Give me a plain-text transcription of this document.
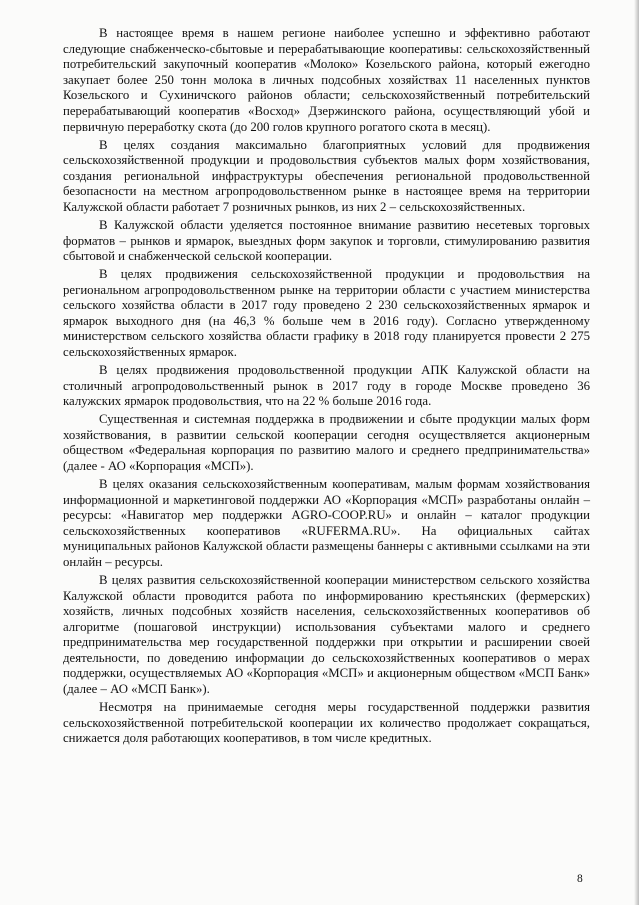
В настоящее время в нашем регионе наиболее успешно и эффективно работают следующие снабженческо-сбытовые и перерабатывающие кооперативы: сельскохозяйственный потребительский закупочный кооператив «Молоко» Козельского района, который ежегодно закупает более 250 тонн молока в личных подсобных хозяйствах 11 населенных пунктов Козельского и Сухиничского районов области; сельскохозяйственный потребительский перерабатывающий кооператив «Восход» Дзержинского района, осуществляющий убой и первичную переработку скота (до 200 голов крупного рогатого скота в месяц).

В целях создания максимально благоприятных условий для продвижения сельскохозяйственной продукции и продовольствия субъектов малых форм хозяйствования, создания региональной инфраструктуры обеспечения региональной продовольственной безопасности на местном агропродовольственном рынке в настоящее время на территории Калужской области работает 7 розничных рынков, из них 2 – сельскохозяйственных.

В Калужской области уделяется постоянное внимание развитию несетевых торговых форматов – рынков и ярмарок, выездных форм закупок и торговли, стимулированию развития сбытовой и снабженческой сельской кооперации.

В целях продвижения сельскохозяйственной продукции и продовольствия на региональном агропродовольственном рынке на территории области с участием министерства сельского хозяйства области в 2017 году проведено 2 230 сельскохозяйственных ярмарок и ярмарок выходного дня (на 46,3 % больше чем в 2016 году). Согласно утвержденному министерством сельского хозяйства области графику в 2018 году планируется провести 2 275 сельскохозяйственных ярмарок.

В целях продвижения продовольственной продукции АПК Калужской области на столичный агропродовольственный рынок в 2017 году в городе Москве проведено 36 калужских ярмарок продовольствия, что на 22 % больше 2016 года.

Существенная и системная поддержка в продвижении и сбыте продукции малых форм хозяйствования, в развитии сельской кооперации сегодня осуществляется акционерным обществом «Федеральная корпорация по развитию малого и среднего предпринимательства» (далее - АО «Корпорация «МСП»).

В целях оказания сельскохозяйственным кооперативам, малым формам хозяйствования информационной и маркетинговой поддержки АО «Корпорация «МСП» разработаны онлайн – ресурсы: «Навигатор мер поддержки AGRO-COOP.RU» и онлайн – каталог продукции сельскохозяйственных кооперативов «RUFERMA.RU». На официальных сайтах муниципальных районов Калужской области размещены баннеры с активными ссылками на эти онлайн – ресурсы.

В целях развития сельскохозяйственной кооперации министерством сельского хозяйства Калужской области проводится работа по информированию крестьянских (фермерских) хозяйств, личных подсобных хозяйств населения, сельскохозяйственных кооперативов об алгоритме (пошаговой инструкции) использования субъектами малого и среднего предпринимательства мер государственной поддержки при открытии и расширении своей деятельности, по доведению информации до сельскохозяйственных кооперативов о мерах поддержки, осуществляемых АО «Корпорация «МСП» и акционерным обществом «МСП Банк» (далее – АО «МСП Банк»).

Несмотря на принимаемые сегодня меры государственной поддержки развития сельскохозяйственной потребительской кооперации их количество продолжает сокращаться, снижается доля работающих кооперативов, в том числе кредитных.

8
